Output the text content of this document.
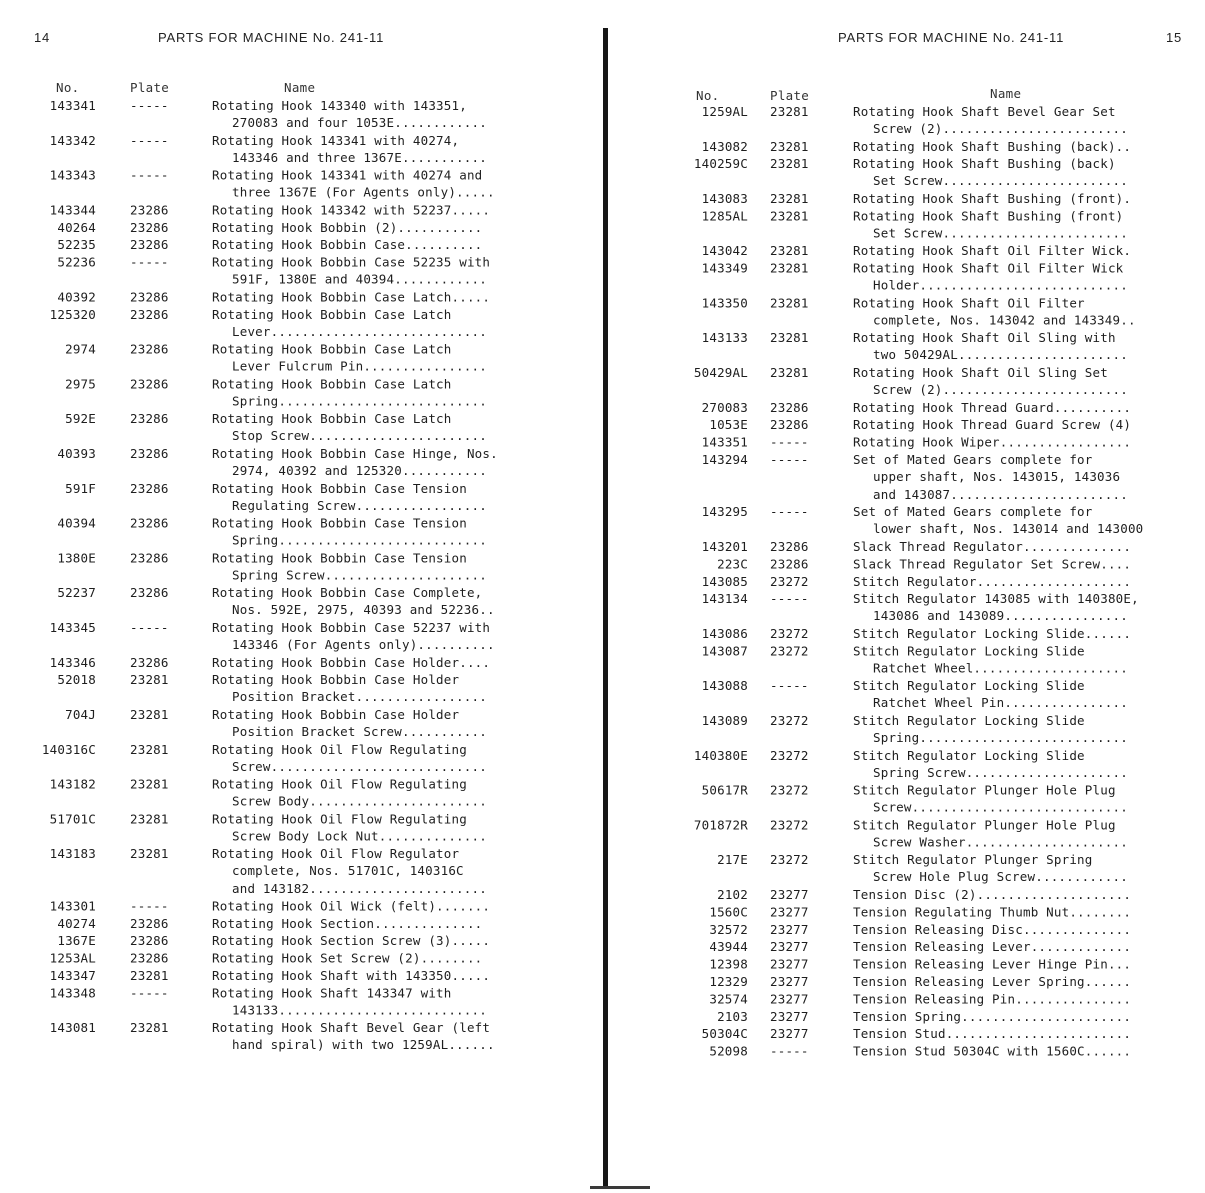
14	PARTS FOR MACHINE No. 241-11
No.	Plate	Name
143341	-----	Rotating Hook 143340 with 143351,
270083 and four 1053E............
143342	-----	Rotating Hook 143341 with 40274,
143346 and three 1367E...........
143343	-----	Rotating Hook 143341 with 40274 and
three 1367E (For Agents only).....
143344	23286	Rotating Hook 143342 with 52237.....
40264	23286	Rotating Hook Bobbin (2)...........
52235	23286	Rotating Hook Bobbin Case..........
52236	-----	Rotating Hook Bobbin Case 52235 with
591F, 1380E and 40394............
40392	23286	Rotating Hook Bobbin Case Latch.....
125320	23286	Rotating Hook Bobbin Case Latch
Lever............................
2974	23286	Rotating Hook Bobbin Case Latch
Lever Fulcrum Pin................
2975	23286	Rotating Hook Bobbin Case Latch
Spring...........................
592E	23286	Rotating Hook Bobbin Case Latch
Stop Screw.......................
40393	23286	Rotating Hook Bobbin Case Hinge, Nos.
2974, 40392 and 125320...........
591F	23286	Rotating Hook Bobbin Case Tension
Regulating Screw.................
40394	23286	Rotating Hook Bobbin Case Tension
Spring...........................
1380E	23286	Rotating Hook Bobbin Case Tension
Spring Screw.....................
52237	23286	Rotating Hook Bobbin Case Complete,
Nos. 592E, 2975, 40393 and 52236..
143345	-----	Rotating Hook Bobbin Case 52237 with
143346 (For Agents only)..........
143346	23286	Rotating Hook Bobbin Case Holder....
52018	23281	Rotating Hook Bobbin Case Holder
Position Bracket.................
704J	23281	Rotating Hook Bobbin Case Holder
Position Bracket Screw...........
140316C	23281	Rotating Hook Oil Flow Regulating
Screw............................
143182	23281	Rotating Hook Oil Flow Regulating
Screw Body.......................
51701C	23281	Rotating Hook Oil Flow Regulating
Screw Body Lock Nut..............
143183	23281	Rotating Hook Oil Flow Regulator
complete, Nos. 51701C, 140316C
and 143182.......................
143301	-----	Rotating Hook Oil Wick (felt).......
40274	23286	Rotating Hook Section..............
1367E	23286	Rotating Hook Section Screw (3).....
1253AL	23286	Rotating Hook Set Screw (2)........
143347	23281	Rotating Hook Shaft with 143350.....
143348	-----	Rotating Hook Shaft 143347 with
143133...........................
143081	23281	Rotating Hook Shaft Bevel Gear (left
hand spiral) with two 1259AL......
PARTS FOR MACHINE No. 241-11	15
No.	Plate	Name
1259AL 23281	Rotating Hook Shaft Bevel Gear Set
Screw (2)........................
143082 23281	Rotating Hook Shaft Bushing (back)..
140259C 23281	Rotating Hook Shaft Bushing (back)
Set Screw........................
143083 23281	Rotating Hook Shaft Bushing (front).
1285AL 23281	Rotating Hook Shaft Bushing (front)
Set Screw........................
143042 23281	Rotating Hook Shaft Oil Filter Wick.
143349 23281	Rotating Hook Shaft Oil Filter Wick
Holder...........................
143350 23281	Rotating Hook Shaft Oil Filter
complete, Nos. 143042 and 143349..
143133 23281	Rotating Hook Shaft Oil Sling with
two 50429AL......................
50429AL 23281	Rotating Hook Shaft Oil Sling Set
Screw (2)........................
270083 23286	Rotating Hook Thread Guard..........
1053E 23286	Rotating Hook Thread Guard Screw (4)
143351 -----	Rotating Hook Wiper.................
143294 -----	Set of Mated Gears complete for
upper shaft, Nos. 143015, 143036
and 143087.......................
143295 -----	Set of Mated Gears complete for
lower shaft, Nos. 143014 and 143000
143201 23286	Slack Thread Regulator..............
223C 23286	Slack Thread Regulator Set Screw....
143085 23272	Stitch Regulator....................
143134 -----	Stitch Regulator 143085 with 140380E,
143086 and 143089................
143086 23272	Stitch Regulator Locking Slide......
143087 23272	Stitch Regulator Locking Slide
Ratchet Wheel....................
143088 -----	Stitch Regulator Locking Slide
Ratchet Wheel Pin................
143089 23272	Stitch Regulator Locking Slide
Spring...........................
140380E 23272	Stitch Regulator Locking Slide
Spring Screw.....................
50617R 23272	Stitch Regulator Plunger Hole Plug
Screw............................
701872R 23272	Stitch Regulator Plunger Hole Plug
Screw Washer.....................
217E 23272	Stitch Regulator Plunger Spring
Screw Hole Plug Screw............
2102 23277	Tension Disc (2)....................
1560C 23277	Tension Regulating Thumb Nut........
32572 23277	Tension Releasing Disc..............
43944 23277	Tension Releasing Lever.............
12398 23277	Tension Releasing Lever Hinge Pin...
12329 23277	Tension Releasing Lever Spring......
32574 23277	Tension Releasing Pin...............
2103 23277	Tension Spring......................
50304C 23277	Tension Stud........................
52098 -----	Tension Stud 50304C with 1560C......
